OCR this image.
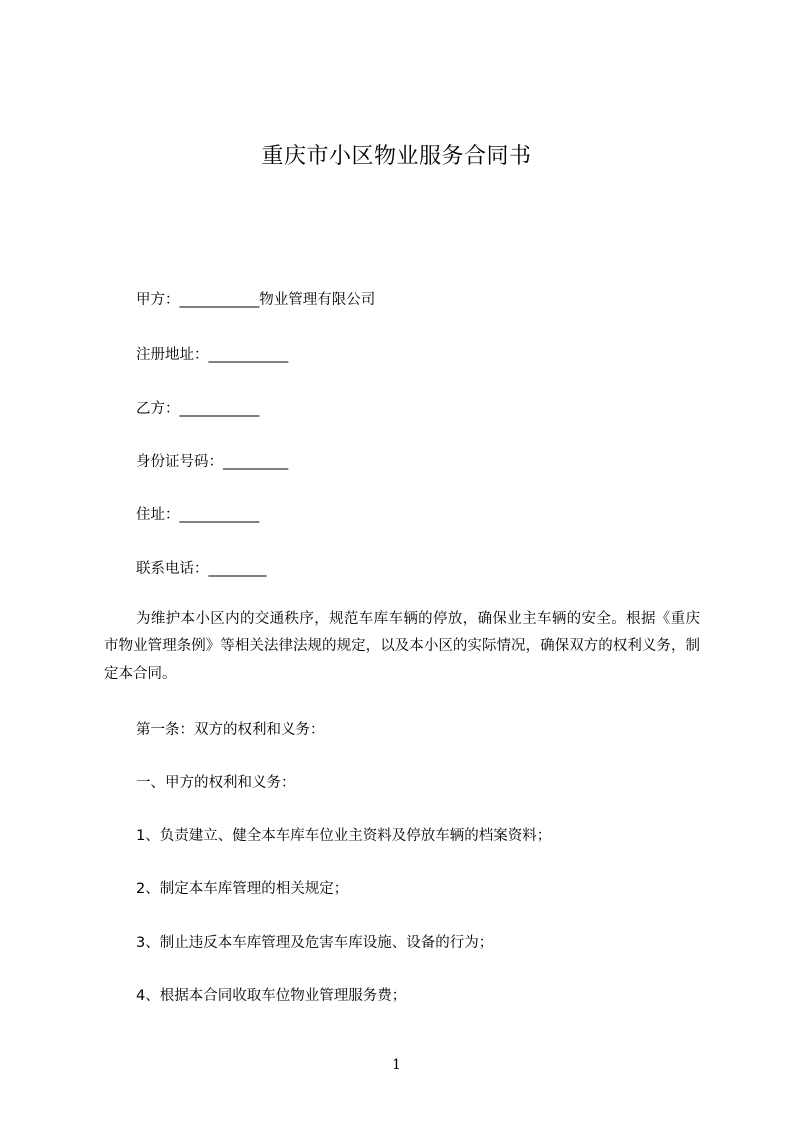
重庆市小区物业服务合同书
甲方：___________物业管理有限公司
注册地址：___________
乙方：___________
身份证号码：_________
住址：___________
联系电话：________

为维护本小区内的交通秩序，规范车库车辆的停放，确保业主车辆的安全。根据《重庆市物业管理条例》等相关法律法规的规定，以及本小区的实际情况，确保双方的权利义务，制定本合同。

第一条：双方的权利和义务：
一、甲方的权利和义务：
1、负责建立、健全本车库车位业主资料及停放车辆的档案资料；
2、制定本车库管理的相关规定；
3、制止违反本车库管理及危害车库设施、设备的行为；
4、根据本合同收取车位物业管理服务费；
1
